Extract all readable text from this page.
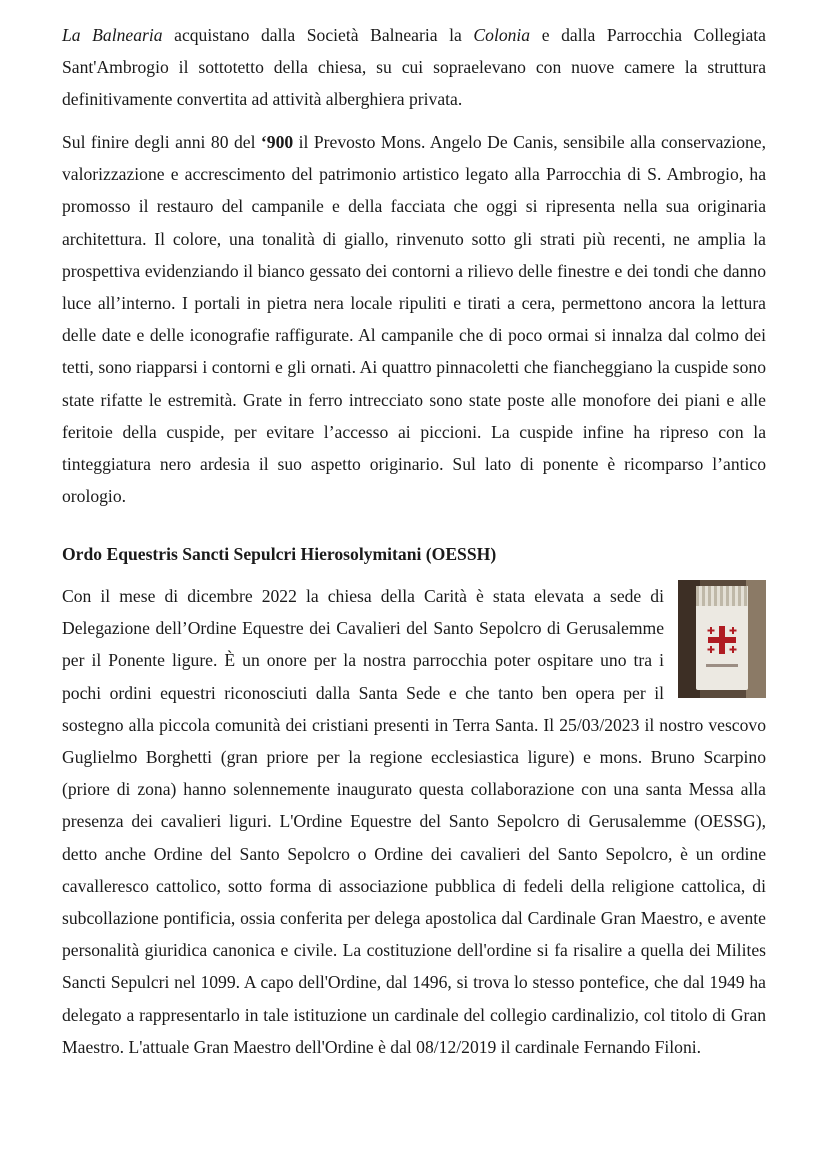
La Balnearia acquistano dalla Società Balnearia la Colonia e dalla Parrocchia Collegiata Sant'Ambrogio il sottotetto della chiesa, su cui sopraelevano con nuove camere la struttura definitivamente convertita ad attività alberghiera privata.

Sul finire degli anni 80 del ‘900 il Prevosto Mons. Angelo De Canis, sensibile alla conservazione, valorizzazione e accrescimento del patrimonio artistico legato alla Parrocchia di S. Ambrogio, ha promosso il restauro del campanile e della facciata che oggi si ripresenta nella sua originaria architettura. Il colore, una tonalità di giallo, rinvenuto sotto gli strati più recenti, ne amplia la prospettiva evidenziando il bianco gessato dei contorni a rilievo delle finestre e dei tondi che danno luce all’interno. I portali in pietra nera locale ripuliti e tirati a cera, permettono ancora la lettura delle date e delle iconografie raffigurate. Al campanile che di poco ormai si innalza dal colmo dei tetti, sono riapparsi i contorni e gli ornati. Ai quattro pinnacoletti che fiancheggiano la cuspide sono state rifatte le estremità. Grate in ferro intrecciato sono state poste alle monofore dei piani e alle feritoie della cuspide, per evitare l’accesso ai piccioni. La cuspide infine ha ripreso con la tinteggiatura nero ardesia il suo aspetto originario. Sul lato di ponente è ricomparso l’antico orologio.

Ordo Equestris Sancti Sepulcri Hierosolymitani (OESSH)

Con il mese di dicembre 2022 la chiesa della Carità è stata elevata a sede di Delegazione dell’Ordine Equestre dei Cavalieri del Santo Sepolcro di Gerusalemme per il Ponente ligure. È un onore per la nostra parrocchia poter ospitare uno tra i pochi ordini equestri riconosciuti dalla Santa Sede e che tanto ben opera per il sostegno alla piccola comunità dei cristiani presenti in Terra Santa. Il 25/03/2023 il nostro vescovo Guglielmo Borghetti (gran priore per la regione ecclesiastica ligure) e mons. Bruno Scarpino (priore di zona) hanno solennemente inaugurato questa collaborazione con una santa Messa alla presenza dei cavalieri liguri. L'Ordine Equestre del Santo Sepolcro di Gerusalemme (OESSG), detto anche Ordine del Santo Sepolcro o Ordine dei cavalieri del Santo Sepolcro, è un ordine cavalleresco cattolico, sotto forma di associazione pubblica di fedeli della religione cattolica, di subcollazione pontificia, ossia conferita per delega apostolica dal Cardinale Gran Maestro, e avente personalità giuridica canonica e civile. La costituzione dell'ordine si fa risalire a quella dei Milites Sancti Sepulcri nel 1099. A capo dell'Ordine, dal 1496, si trova lo stesso pontefice, che dal 1949 ha delegato a rappresentarlo in tale istituzione un cardinale del collegio cardinalizio, col titolo di Gran Maestro. L'attuale Gran Maestro dell'Ordine è dal 08/12/2019 il cardinale Fernando Filoni.
